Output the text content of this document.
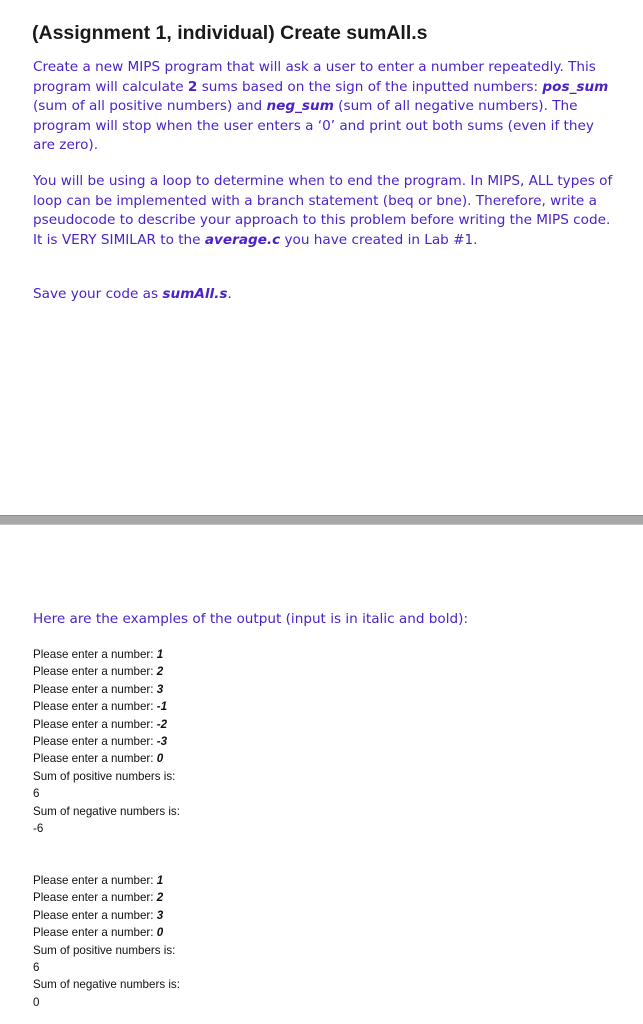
(Assignment 1, individual) Create sumAll.s

Create a new MIPS program that will ask a user to enter a number repeatedly. This program will calculate 2 sums based on the sign of the inputted numbers: pos_sum (sum of all positive numbers) and neg_sum (sum of all negative numbers). The program will stop when the user enters a ‘0’ and print out both sums (even if they are zero).

You will be using a loop to determine when to end the program. In MIPS, ALL types of loop can be implemented with a branch statement (beq or bne). Therefore, write a pseudocode to describe your approach to this problem before writing the MIPS code. It is VERY SIMILAR to the average.c you have created in Lab #1.

Save your code as sumAll.s.

Here are the examples of the output (input is in italic and bold):

Please enter a number: 1
Please enter a number: 2
Please enter a number: 3
Please enter a number: -1
Please enter a number: -2
Please enter a number: -3
Please enter a number: 0
Sum of positive numbers is:
6
Sum of negative numbers is:
-6
Please enter a number: 1
Please enter a number: 2
Please enter a number: 3
Please enter a number: 0
Sum of positive numbers is:
6
Sum of negative numbers is:
0
